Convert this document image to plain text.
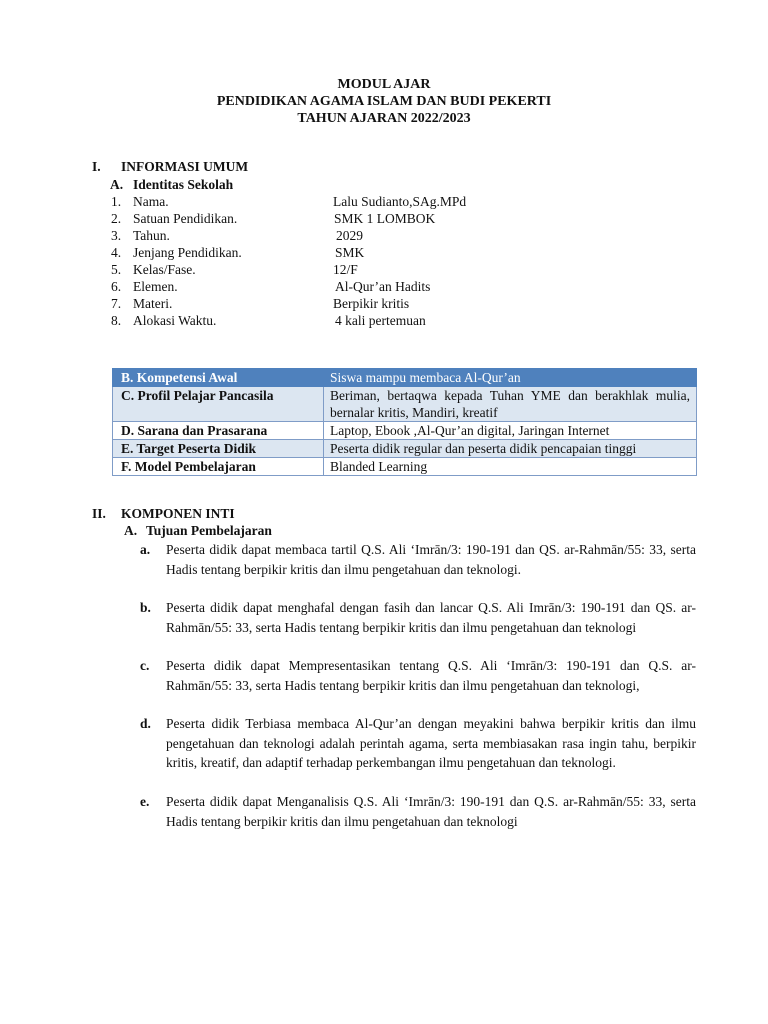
MODUL AJAR
PENDIDIKAN AGAMA ISLAM DAN BUDI PEKERTI
TAHUN AJARAN 2022/2023
I. INFORMASI UMUM
A. Identitas Sekolah
1. Nama.	Lalu Sudianto,SAg.MPd
2. Satuan Pendidikan.	SMK 1 LOMBOK
3. Tahun.	2029
4. Jenjang Pendidikan.	SMK
5. Kelas/Fase.	12/F
6. Elemen.	Al-Qur’an Hadits
7. Materi.	Berpikir kritis
8. Alokasi Waktu.	4 kali pertemuan
B. Kompetensi Awal	Siswa mampu membaca Al-Qur’an
C. Profil Pelajar Pancasila	Beriman, bertaqwa kepada Tuhan YME dan berakhlak mulia, bernalar kritis, Mandiri, kreatif
D. Sarana dan Prasarana	Laptop, Ebook ,Al-Qur’an digital, Jaringan Internet
E. Target Peserta Didik	Peserta didik regular dan peserta didik pencapaian tinggi
F. Model Pembelajaran	Blanded Learning
II. KOMPONEN INTI
A. Tujuan Pembelajaran
a. Peserta didik dapat membaca tartil Q.S. Ali ‘Imrān/3: 190-191 dan QS. ar-Rahmān/55: 33, serta Hadis tentang berpikir kritis dan ilmu pengetahuan dan teknologi.
b. Peserta didik dapat menghafal dengan fasih dan lancar Q.S. Ali Imrān/3: 190-191 dan QS. ar-Rahmān/55: 33, serta Hadis tentang berpikir kritis dan ilmu pengetahuan dan teknologi
c. Peserta didik dapat Mempresentasikan tentang Q.S. Ali ‘Imrān/3: 190-191 dan Q.S. ar- Rahmān/55: 33, serta Hadis tentang berpikir kritis dan ilmu pengetahuan dan teknologi,
d. Peserta didik Terbiasa membaca Al-Qur’an dengan meyakini bahwa berpikir kritis dan ilmu pengetahuan dan teknologi adalah perintah agama, serta membiasakan rasa ingin tahu, berpikir kritis, kreatif, dan adaptif terhadap perkembangan ilmu pengetahuan dan teknologi.
e. Peserta didik dapat Menganalisis Q.S. Ali ‘Imrān/3: 190-191 dan Q.S. ar-Rahmān/55: 33, serta Hadis tentang berpikir kritis dan ilmu pengetahuan dan teknologi
